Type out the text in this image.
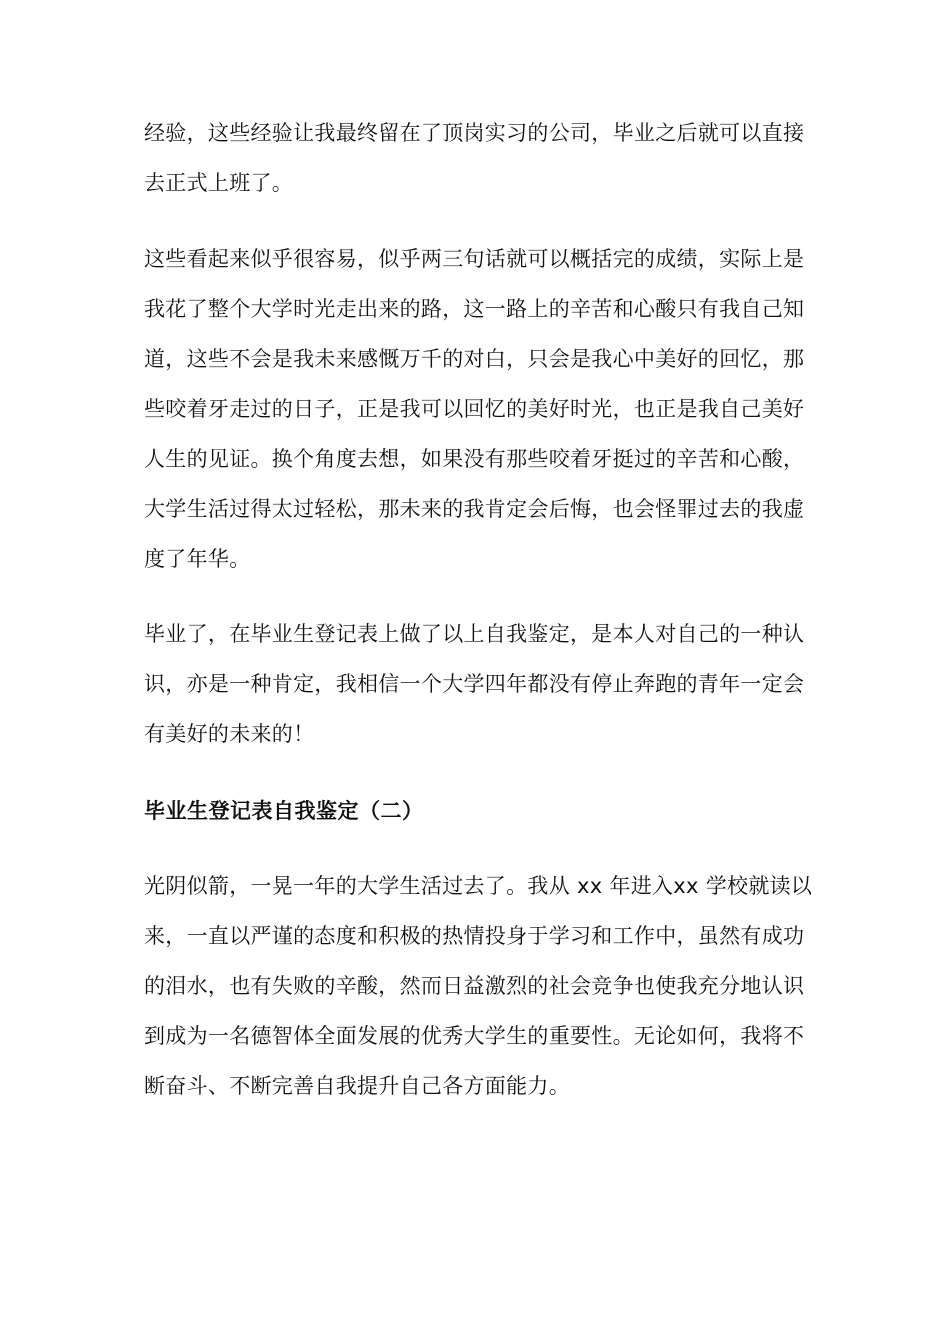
经验，这些经验让我最终留在了顶岗实习的公司，毕业之后就可以直接
去正式上班了。
这些看起来似乎很容易，似乎两三句话就可以概括完的成绩，实际上是
我花了整个大学时光走出来的路，这一路上的辛苦和心酸只有我自己知
道，这些不会是我未来感慨万千的对白，只会是我心中美好的回忆，那
些咬着牙走过的日子，正是我可以回忆的美好时光，也正是我自己美好
人生的见证。换个角度去想，如果没有那些咬着牙挺过的辛苦和心酸，
大学生活过得太过轻松，那未来的我肯定会后悔，也会怪罪过去的我虚
度了年华。
毕业了，在毕业生登记表上做了以上自我鉴定，是本人对自己的一种认
识，亦是一种肯定，我相信一个大学四年都没有停止奔跑的青年一定会
有美好的未来的！
毕业生登记表自我鉴定（二）
光阴似箭，一晃一年的大学生活过去了。我从 xx 年进入xx 学校就读以
来，一直以严谨的态度和积极的热情投身于学习和工作中，虽然有成功
的泪水，也有失败的辛酸，然而日益激烈的社会竞争也使我充分地认识
到成为一名德智体全面发展的优秀大学生的重要性。无论如何，我将不
断奋斗、不断完善自我提升自己各方面能力。
